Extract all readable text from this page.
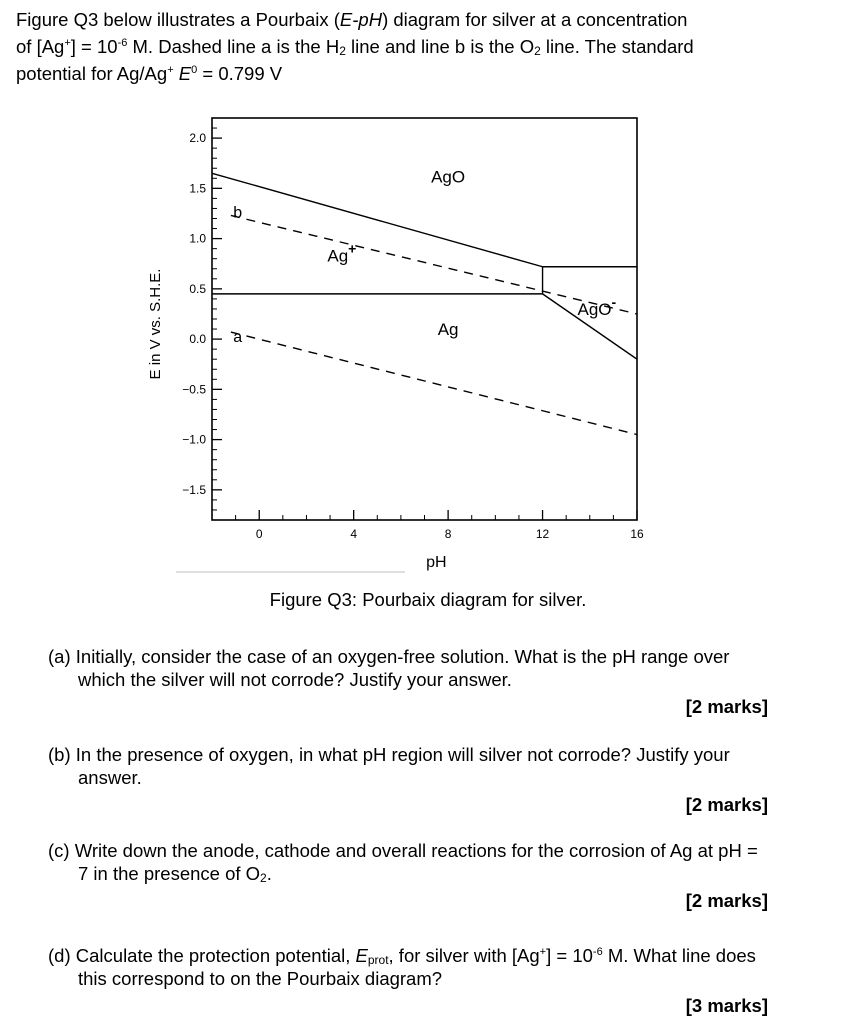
Figure Q3 below illustrates a Pourbaix (E-pH) diagram for silver at a concentration
of $[Ag^+] = 10^{-6}$ M. Dashed line a is the $H_2$ line and line b is the $O_2$ line. The standard
potential for Ag/Ag+ $E^0 = 0.799$ V
2.0
1.5
1.0
0.5
0.0
−0.5
−1.0
−1.5
0	4	8	12	16
pH
E in V vs. S.H.E.
b
a
AgO
Ag+
Ag
AgO-
Figure Q3: Pourbaix diagram for silver.
(a) Initially, consider the case of an oxygen-free solution. What is the pH range over which the silver will not corrode? Justify your answer.
[2 marks]
(b) In the presence of oxygen, in what pH region will silver not corrode? Justify your answer.
[2 marks]
(c) Write down the anode, cathode and overall reactions for the corrosion of Ag at pH = 7 in the presence of $O_2$.
[2 marks]
(d) Calculate the protection potential, $E_{prot}$, for silver with $[Ag^+] = 10^{-6}$ M. What line does this correspond to on the Pourbaix diagram?
[3 marks]
